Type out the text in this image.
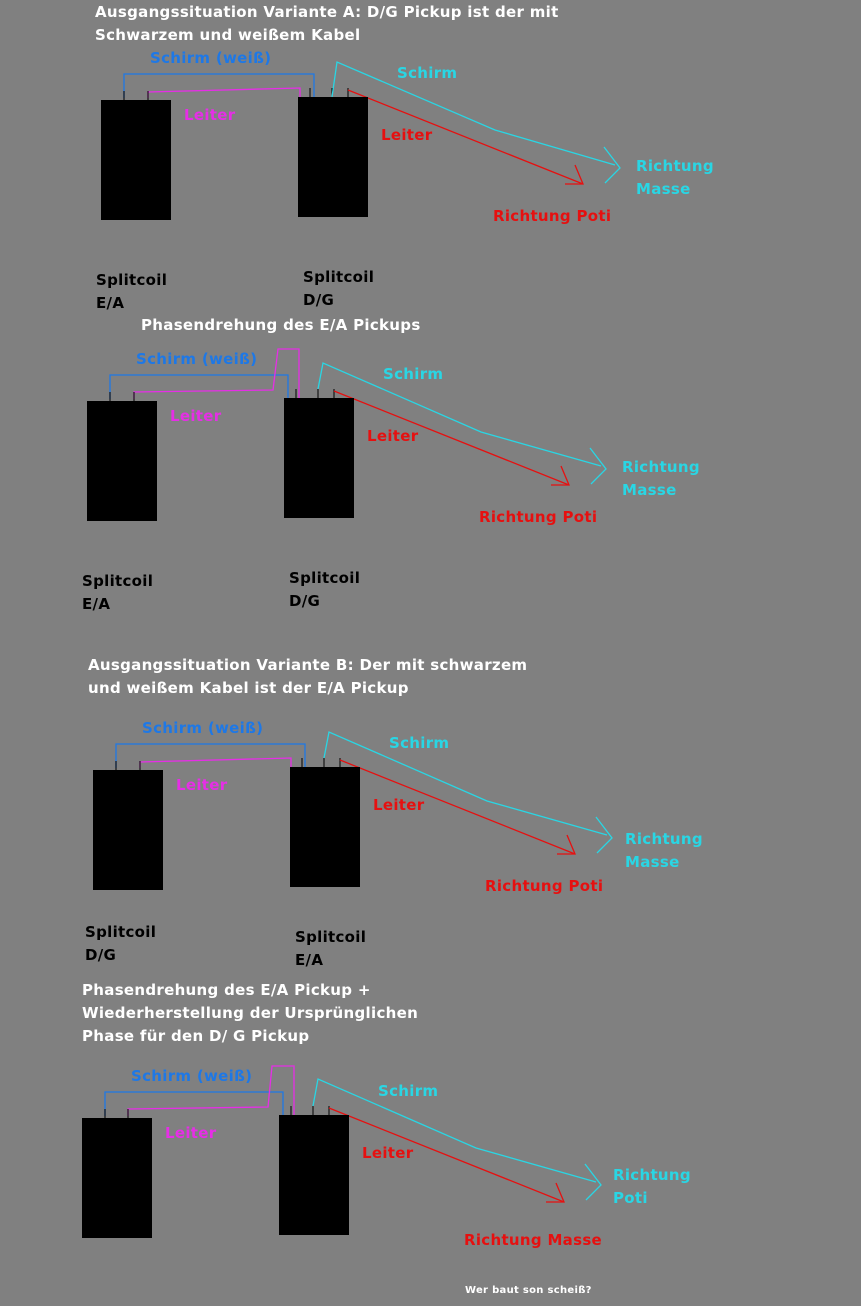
Ausgangssituation Variante A: D/G Pickup ist der mit
Schwarzem und weißem Kabel
Schirm (weiß)
Leiter
Schirm
Leiter
Richtung
Masse
Richtung Poti
Splitcoil
E/A
Splitcoil
D/G
Phasendrehung des E/A Pickups
Schirm (weiß)
Leiter
Schirm
Leiter
Richtung
Masse
Richtung Poti
Splitcoil
E/A
Splitcoil
D/G
Ausgangssituation Variante B: Der mit schwarzem
und weißem Kabel ist der E/A Pickup
Schirm (weiß)
Leiter
Schirm
Leiter
Richtung
Masse
Richtung Poti
Splitcoil
D/G
Splitcoil
E/A
Phasendrehung des E/A Pickup +
Wiederherstellung der Ursprünglichen
Phase für den D/ G Pickup
Schirm (weiß)
Leiter
Schirm
Leiter
Richtung
Poti
Richtung Masse
Wer baut son scheiß?
